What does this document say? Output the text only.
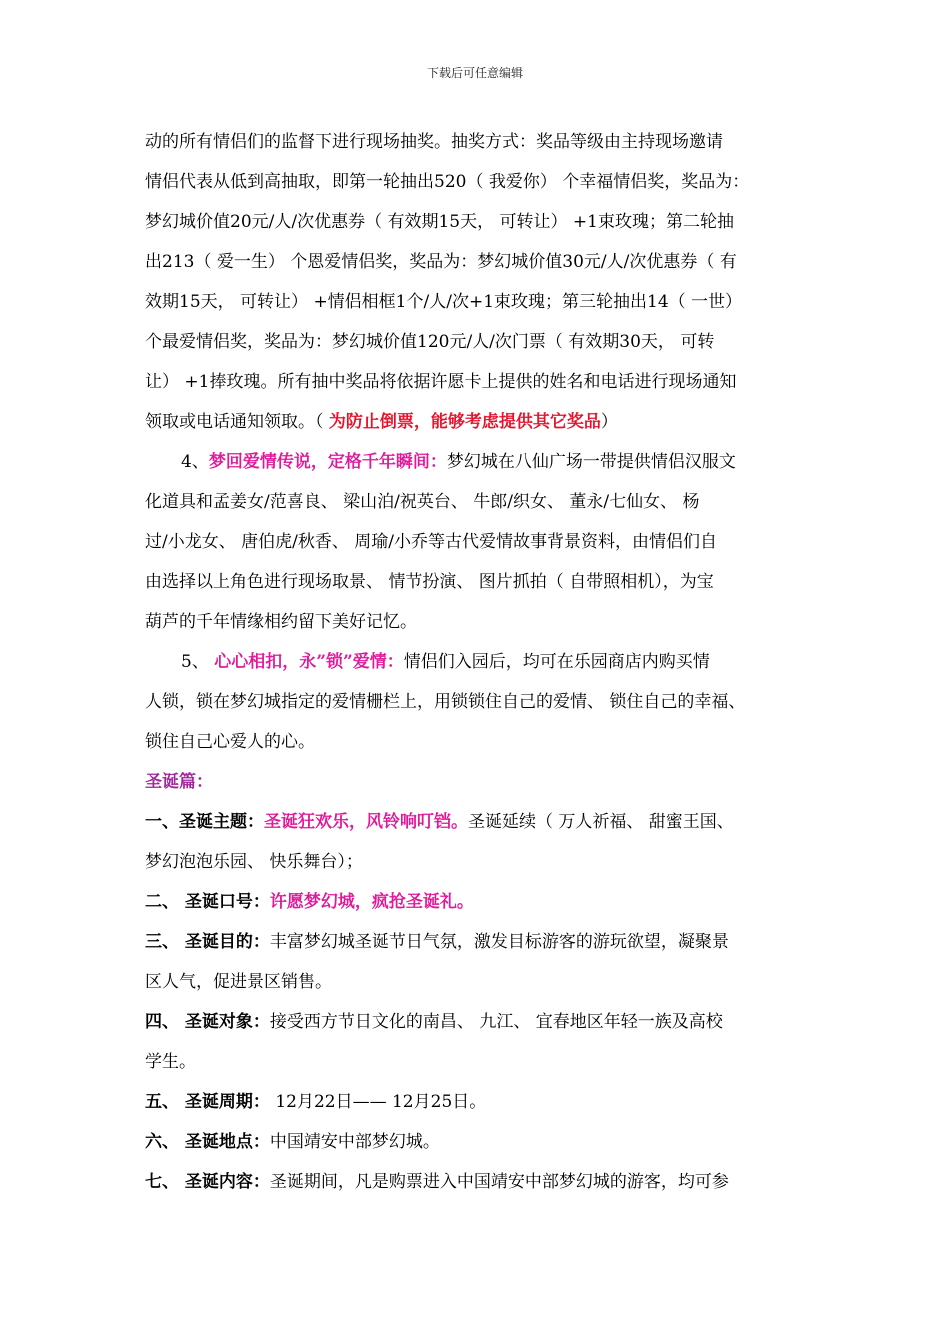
下载后可任意编辑
动的所有情侣们的监督下进行现场抽奖。抽奖方式：奖品等级由主持现场邀请
情侣代表从低到高抽取，即第一轮抽出520（ 我爱你） 个幸福情侣奖，奖品为：
梦幻城价值20元/人/次优惠券（ 有效期15天， 可转让） +1束玫瑰；第二轮抽
出213（ 爱一生） 个恩爱情侣奖，奖品为：梦幻城价值30元/人/次优惠券（ 有
效期15天， 可转让） +情侣相框1个/人/次+1束玫瑰；第三轮抽出14（ 一世）
个最爱情侣奖，奖品为：梦幻城价值120元/人/次门票（ 有效期30天， 可转
让） +1捧玫瑰。所有抽中奖品将依据许愿卡上提供的姓名和电话进行现场通知
领取或电话通知领取。（ 为防止倒票，能够考虑提供其它奖品）
4、梦回爱情传说，定格千年瞬间：梦幻城在八仙广场一带提供情侣汉服文
化道具和孟姜女/范喜良、 梁山泊/祝英台、 牛郎/织女、 董永/七仙女、 杨
过/小龙女、 唐伯虎/秋香、 周瑜/小乔等古代爱情故事背景资料，由情侣们自
由选择以上角色进行现场取景、 情节扮演、 图片抓拍（ 自带照相机），为宝
葫芦的千年情缘相约留下美好记忆。
5、 心心相扣，永”锁”爱情：情侣们入园后，均可在乐园商店内购买情
人锁，锁在梦幻城指定的爱情栅栏上，用锁锁住自己的爱情、 锁住自己的幸福、
锁住自己心爱人的心。
圣诞篇：
一、圣诞主题：圣诞狂欢乐，风铃响叮铛。圣诞延续（ 万人祈福、 甜蜜王国、
梦幻泡泡乐园、 快乐舞台）；
二、 圣诞口号：许愿梦幻城，疯抢圣诞礼。
三、 圣诞目的：丰富梦幻城圣诞节日气氛，激发目标游客的游玩欲望，凝聚景
区人气，促进景区销售。
四、 圣诞对象：接受西方节日文化的南昌、 九江、 宜春地区年轻一族及高校
学生。
五、 圣诞周期： 12月22日—— 12月25日。
六、 圣诞地点：中国靖安中部梦幻城。
七、 圣诞内容：圣诞期间，凡是购票进入中国靖安中部梦幻城的游客，均可参
